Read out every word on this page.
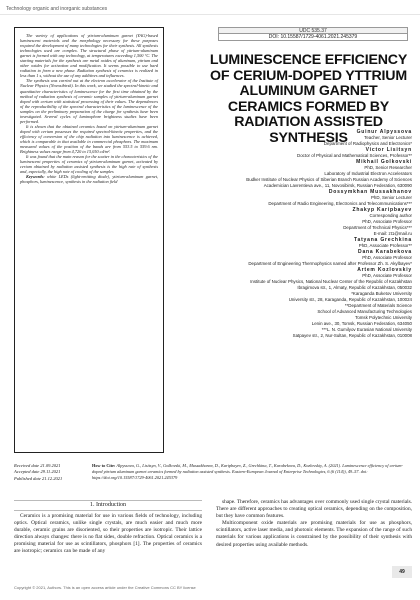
Technology organic and inorganic substances

The variety of applications of yttrium-aluminum garnet (YAG)-based luminescent materials and the morphology necessary for these purposes required the development of many technologies for their synthesis. All synthesis technologies used are complex. The structural phase of yttrium-aluminum garnet is formed with any technology, at temperatures exceeding 1,500 °C. The starting materials for the synthesis are metal oxides of aluminum, yttrium and other oxides for activation and modification. It seems possible to use hard radiation to form a new phase. Radiation synthesis of ceramics is realized in less than 1 s, without the use of any additives and influences.

The synthesis was carried out at the electron accelerator of the Institute of Nuclear Physics (Novosibirsk). In this work, we studied the spectral-kinetic and quantitative characteristics of luminescence for the first time obtained by the method of radiation synthesis of ceramic samples of yttrium-aluminum garnet doped with cerium with statistical processing of their values. The dependences of the reproducibility of the spectral characteristics of the luminescence of the samples on the preliminary preparation of the charge for synthesis have been investigated. Several cycles of luminophore brightness studies have been performed.

It is shown that the obtained ceramics based on yttrium-aluminum garnet doped with cerium possesses the required spectral-kinetic properties, and the efficiency of conversion of the chip radiation into luminescence is achieved, which is comparable to that available in commercial phosphors. The maximum measured values of the position of the bands are from 553.5 to 559.6 nm. Brightness values range from 4,720 to 15,050 cd/m².

It was found that the main reason for the scatter in the characteristics of the luminescent properties of ceramics of yttrium-aluminum garnet, activated by cerium obtained by radiation assisted synthesis is the high rate of synthesis and, especially, the high rate of cooling of the samples

Keywords: white LEDs (light-emitting diode), yttrium-aluminum garnet, phosphors, luminescence, synthesis in the radiation field

UDC 535.37
DOI: 10.15587/1729-4061.2021.245379
LUMINESCENCE EFFICIENCY OF CERIUM-DOPED YTTRIUM ALUMINUM GARNET CERAMICS FORMED BY RADIATION ASSISTED SYNTHESIS	Guinur Alpyssova
Teacher, Senior Lecturer
Department of Radiophysics and Electronics*
Victor Lisitsyn
Doctor of Physical and Mathematical Sciences, Professor**
Mikhail Golkovski
PhD, Senior Researcher
Laboratory of Industrial Electron Accelerators
Budker Institute of Nuclear Physics of Siberian Branch Russian Academy of Sciences
Academician Lavrentieva ave., 11, Novosibirsk, Russian Federation, 630090
Dossymkhan Mussakhanov
PhD, Senior Lecturer
Department of Radio Engineering, Electronics and Telecommunications***
Zhakyp Karipbayev
Corresponding author
PhD, Associate Professor
Department of Technical Physics***
E-mail: zt1@mail.ru
Tatyana Grechkina
PhD, Associate Professor**
Dana Karabekova
PhD, Associate Professor
Department of Engineering Thermophysics named after Professor Zh. S. Akylbayev*
Artem Kozlovskiy
PhD, Associate Professor
Institute of Nuclear Physics, National Nuclear Center of the Republic of Kazakhstan
Ibragimova str., 1, Almaty, Republic of Kazakhstan, 050032
*Karaganda Buketov University
University str., 28, Karaganda, Republic of Kazakhstan, 100024
**Department of Materials Science
School of Advanced Manufacturing Technologies
Tomsk Polytechnic University
Lenin ave., 30, Tomsk, Russian Federation, 634050
***L. N. Gumilyov Eurasian National University
Satpayev str., 2, Nur-Sultan, Republic of Kazakhstan, 010008
Received date 21.09.2021
Accepted date 29.11.2021
Published date 21.12.2021
How to Cite: Alpyssova, G., Lisitsyn, V., Golkovski, M., Mussakhanov, D., Karipbayev, Z., Grechkina, T., Karabekova, D., Kozlovskiy, A. (2021). Luminescence efficiency of cerium-doped yttrium aluminum garnet ceramics formed by radiation assisted synthesis. Eastern-European Journal of Enterprise Technologies, 6 (6 (114)), 49–57. doi: https://doi.org/10.15587/1729-4061.2021.245379
1. Introduction

Ceramics is a promising material for use in various fields of technology, including optics. Optical ceramics, unlike single crystals, are much easier and much more durable, ceramic grains are disoriented, so their properties are isotropic. Their lattice direction always changes: there is no flat sides, double refraction. Optical ceramics is a promising material for use as scintillators, phosphors [1]. The properties of ceramics are isotropic; ceramics can be made of any

shape. Therefore, ceramics has advantages over commonly used single crystal materials. There are different approaches to creating optical ceramics, depending on the composition, but they have common features.

Multicomponent oxide materials are promising materials for use as phosphors, scintillators, active laser media, and photonic elements. The expansion of the range of such materials for various applications is constrained by the possibility of their synthesis with desired properties using available methods.

49
Copyright © 2021, Authors. This is an open access article under the Creative Commons CC BY license
